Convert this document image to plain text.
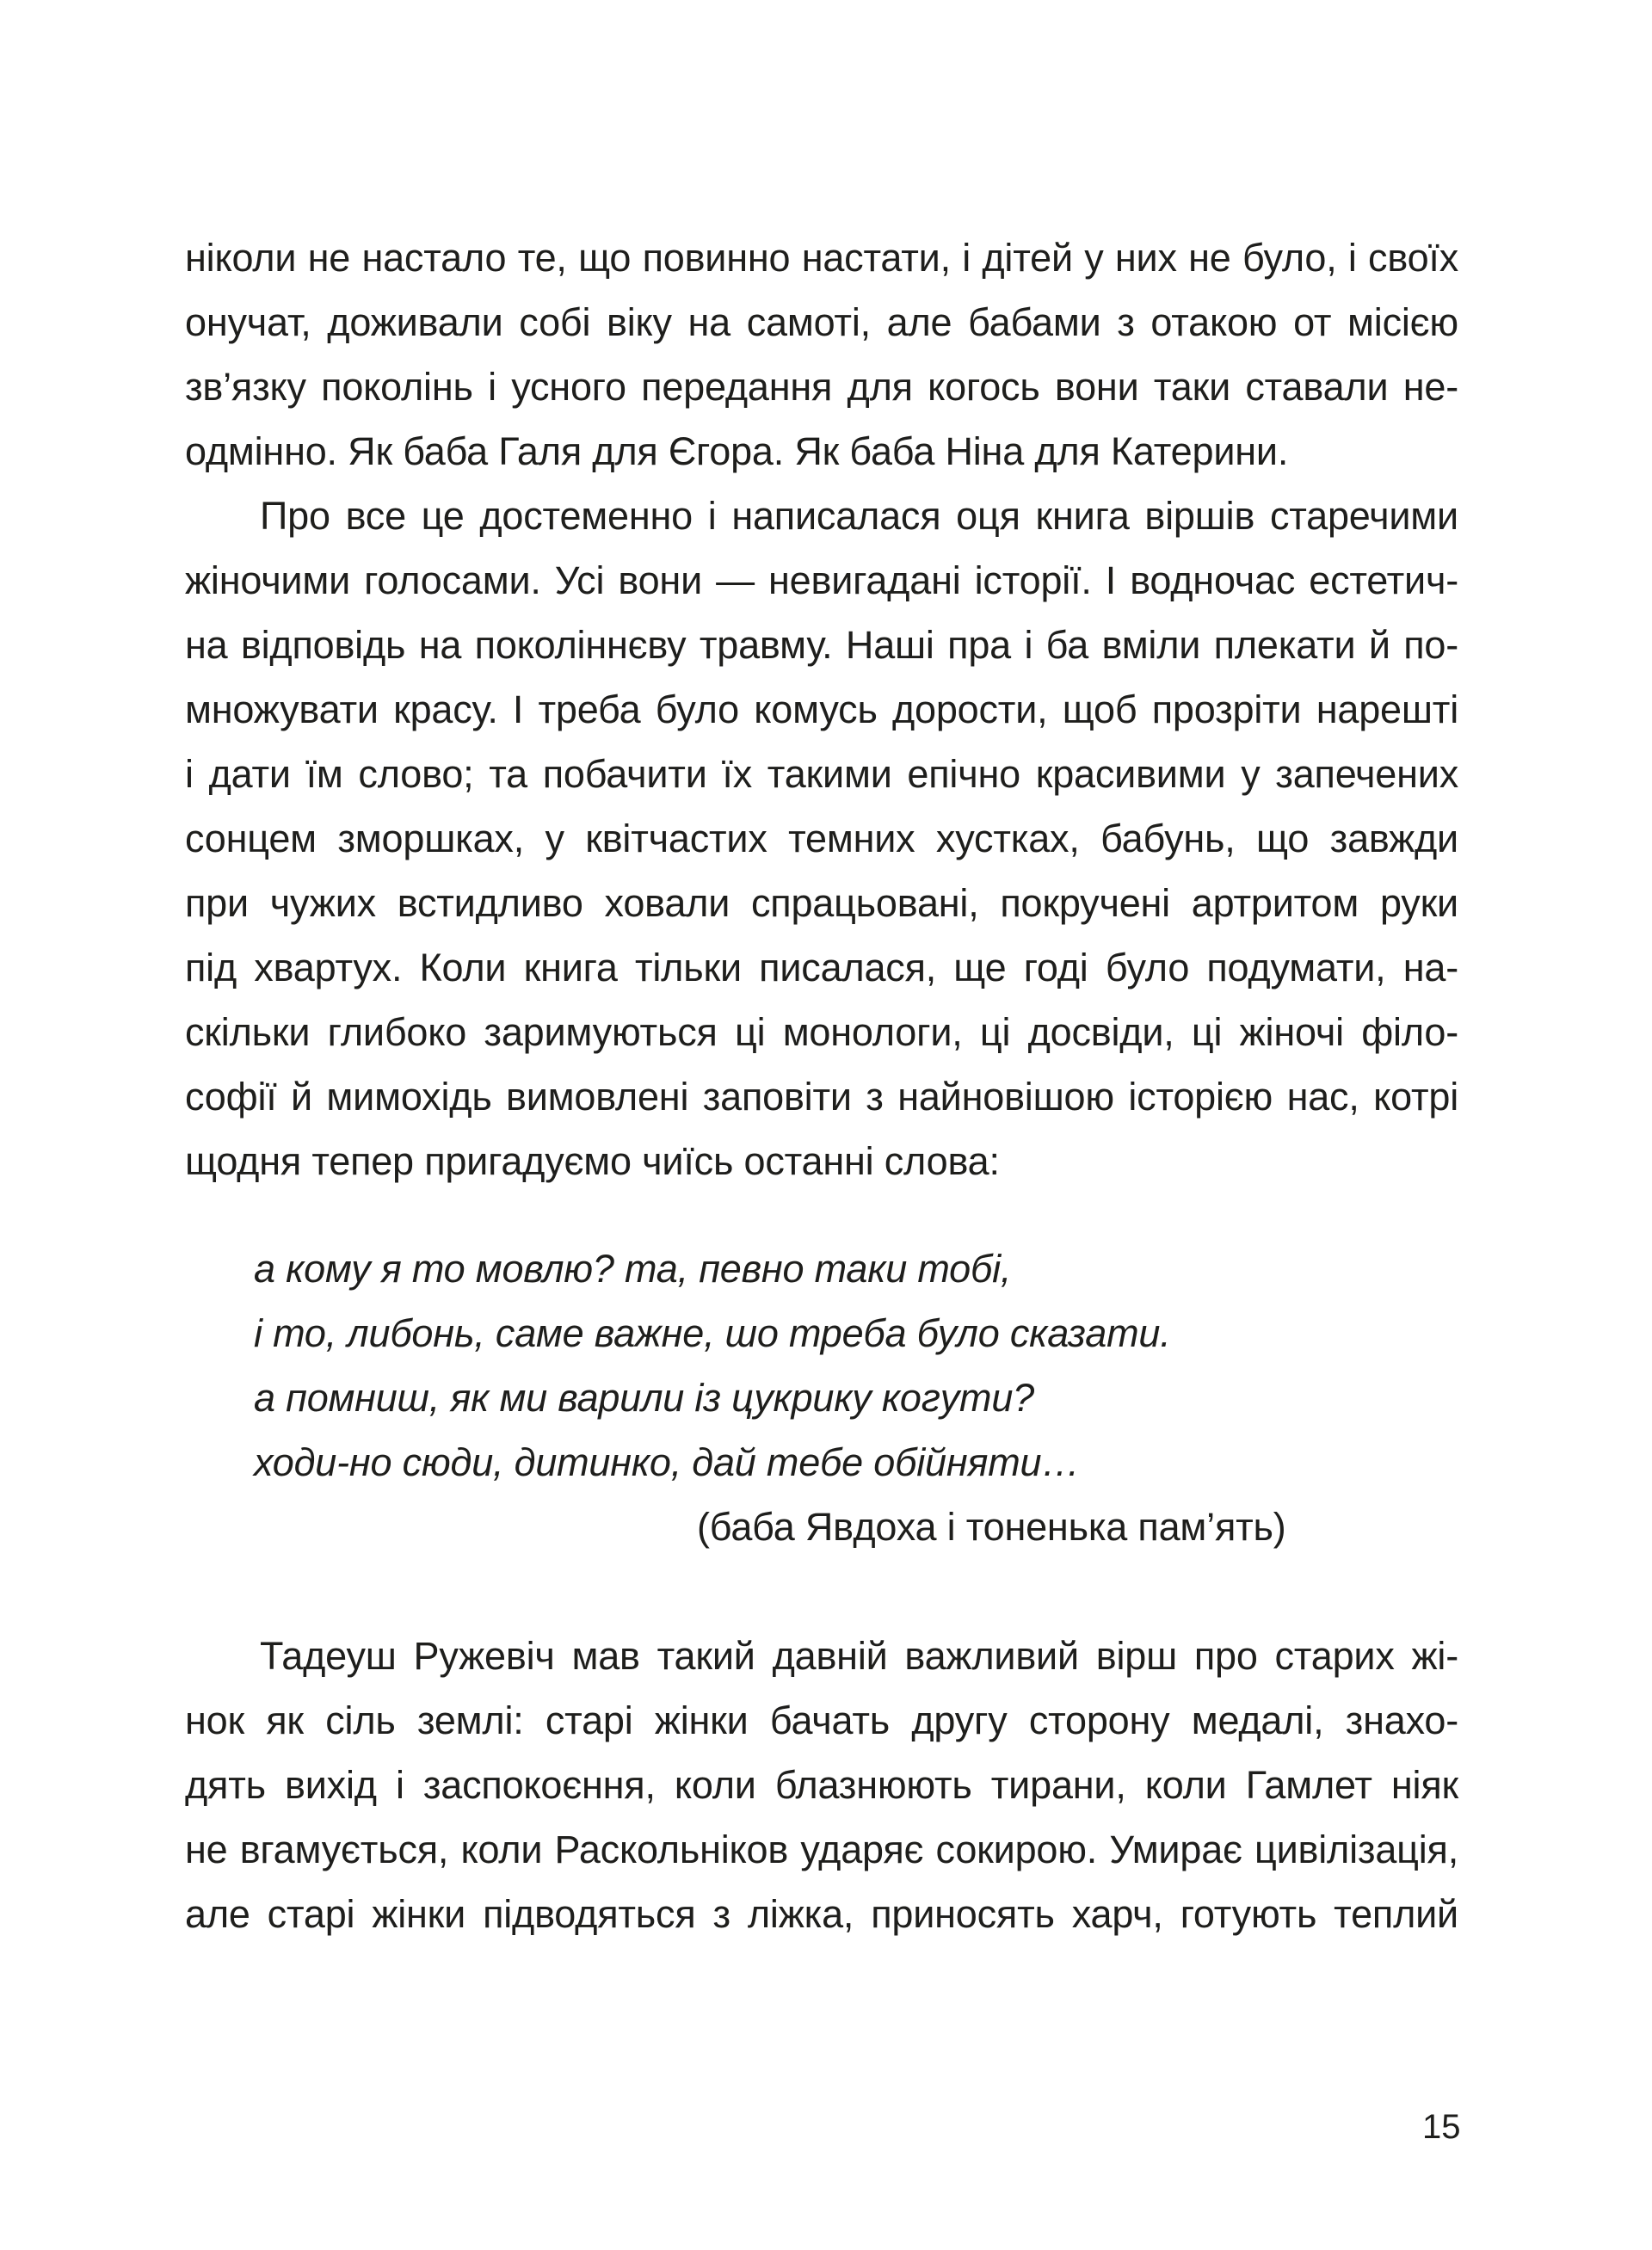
ніколи не настало те, що повинно настати, і дітей у них не було, і своїх
онучат, доживали собі віку на самоті, але бабами з отакою от місією
зв’язку поколінь і усного передання для когось вони таки ставали не-
одмінно. Як баба Галя для Єгора. Як баба Ніна для Катерини.
Про все це достеменно і написалася оця книга віршів старечими
жіночими голосами. Усі вони — невигадані історії. І водночас естетич-
на відповідь на поколіннєву травму. Наші пра і ба вміли плекати й по-
множувати красу. І треба було комусь дорости, щоб прозріти нарешті
і дати їм слово; та побачити їх такими епічно красивими у запечених
сонцем зморшках, у квітчастих темних хустках, бабунь, що завжди
при чужих встидливо ховали спрацьовані, покручені артритом руки
під хвартух. Коли книга тільки писалася, ще годі було подумати, на-
скільки глибоко заримуються ці монологи, ці досвіди, ці жіночі філо-
софії й мимохідь вимовлені заповіти з найновішою історією нас, котрі
щодня тепер пригадуємо чиїсь останні слова:
а кому я то мовлю? та, певно таки тобі,
і то, либонь, саме важне, шо треба було сказати.
а помниш, як ми варили із цукрику когути?
ходи-но сюди, дитинко, дай тебе обійняти…
(баба Явдоха і тоненька пам’ять)
Тадеуш Ружевіч мав такий давній важливий вірш про старих жі-
нок як сіль землі: старі жінки бачать другу сторону медалі, знахо-
дять вихід і заспокоєння, коли блазнюють тирани, коли Гамлет ніяк
не вгамується, коли Раскольніков ударяє сокирою. Умирає цивілізація,
але старі жінки підводяться з ліжка, приносять харч, готують теплий
15
